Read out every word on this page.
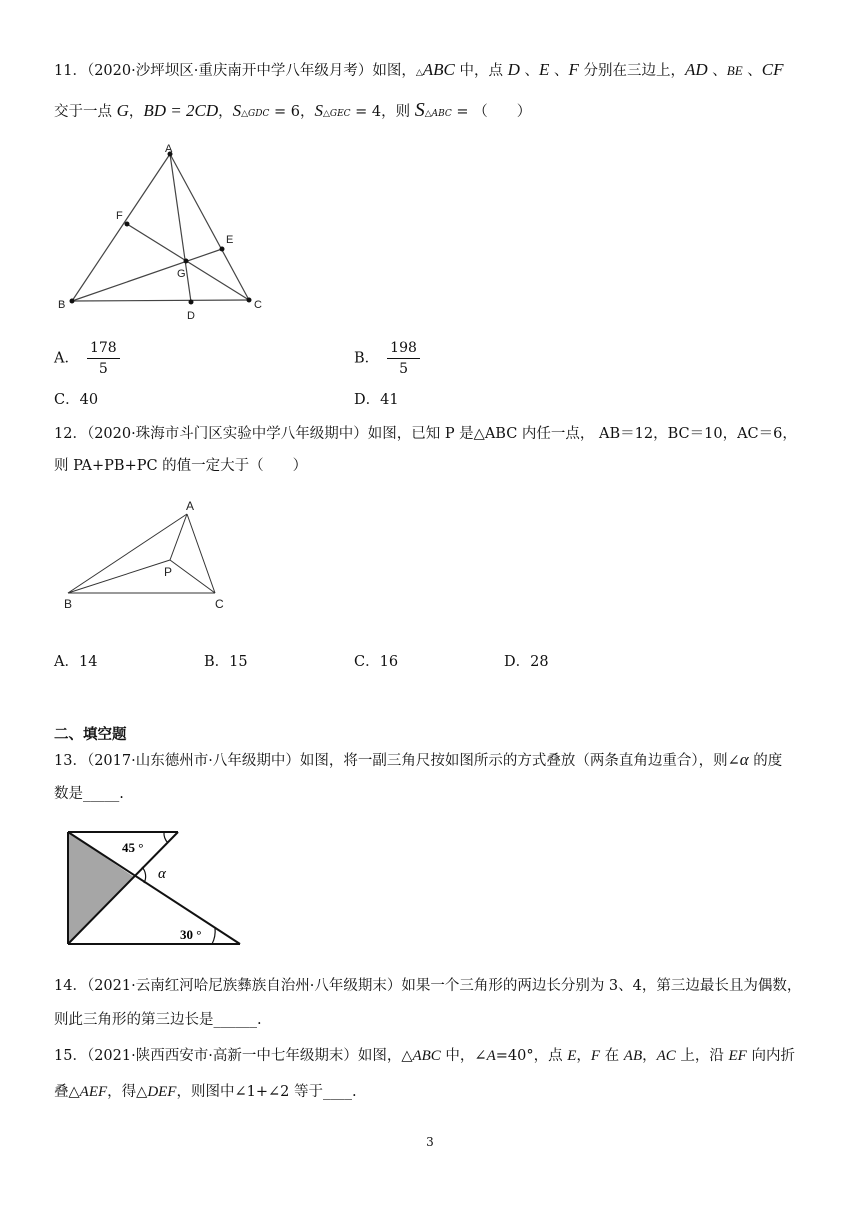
11．（2020·沙坪坝区·重庆南开中学八年级月考）如图，△ABC 中，点 D 、E 、F 分别在三边上，AD 、BE 、CF
交于一点 G，BD = 2CD，S△GDC = 6，S△GEC = 4，则 S△ABC = （　　）
A
F
E
G
B	C
D
A． $\frac{178}{5}$	B． $\frac{198}{5}$
C．40	D．41
12．（2020·珠海市斗门区实验中学八年级期中）如图，已知 P 是△ABC 内任一点， AB＝12，BC＝10，AC＝6，
则 PA+PB+PC 的值一定大于（　　）
A
P
B	C
A．14	B．15	C．16	D．28
二、填空题
13．（2017·山东德州市·八年级期中）如图，将一副三角尺按如图所示的方式叠放（两条直角边重合），则∠α 的度
数是_____.
45 °
α
30 °
14．（2021·云南红河哈尼族彝族自治州·八年级期末）如果一个三角形的两边长分别为 3、4，第三边最长且为偶数，
则此三角形的第三边长是______.
15．（2021·陕西西安市·高新一中七年级期末）如图，△ABC 中，∠A=40°，点 E，F 在 AB，AC 上，沿 EF 向内折
叠△AEF，得△DEF，则图中∠1+∠2 等于____.
3
